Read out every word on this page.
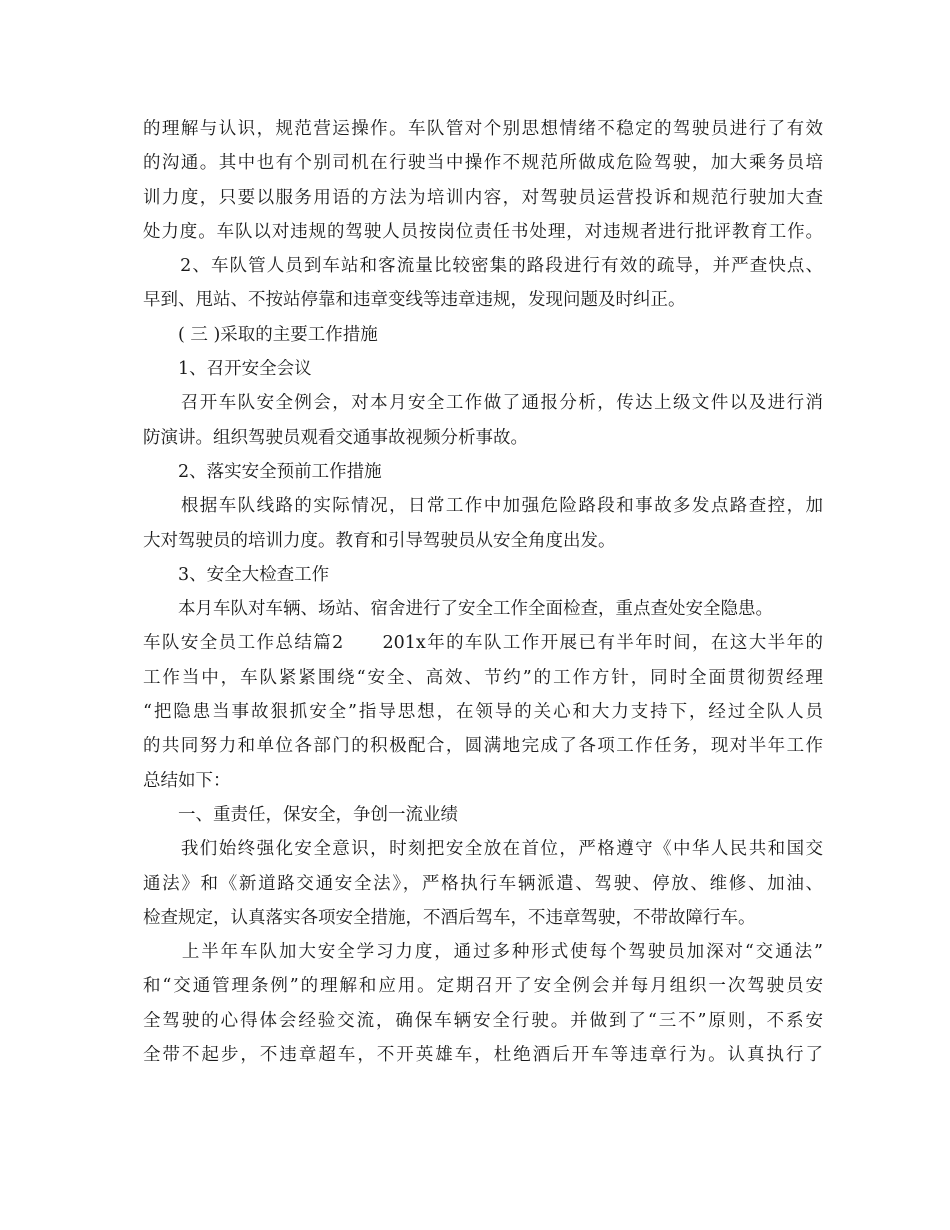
的理解与认识，规范营运操作。车队管对个别思想情绪不稳定的驾驶员进行了有效
的沟通。其中也有个别司机在行驶当中操作不规范所做成危险驾驶，加大乘务员培
训力度，只要以服务用语的方法为培训内容，对驾驶员运营投诉和规范行驶加大查
处力度。车队以对违规的驾驶人员按岗位责任书处理，对违规者进行批评教育工作。
　　2、车队管人员到车站和客流量比较密集的路段进行有效的疏导，并严查快点、
早到、甩站、不按站停靠和违章变线等违章违规，发现问题及时纠正。
　　( 三 )采取的主要工作措施
　　1、召开安全会议
　　召开车队安全例会，对本月安全工作做了通报分析，传达上级文件以及进行消
防演讲。组织驾驶员观看交通事故视频分析事故。
　　2、落实安全预前工作措施
　　根据车队线路的实际情况，日常工作中加强危险路段和事故多发点路查控，加
大对驾驶员的培训力度。教育和引导驾驶员从安全角度出发。
　　3、安全大检查工作
　　本月车队对车辆、场站、宿舍进行了安全工作全面检查，重点查处安全隐患。
车队安全员工作总结篇2　　201x年的车队工作开展已有半年时间，在这大半年的
工作当中，车队紧紧围绕“安全、高效、节约”的工作方针，同时全面贯彻贺经理
“把隐患当事故狠抓安全”指导思想，在领导的关心和大力支持下，经过全队人员
的共同努力和单位各部门的积极配合，圆满地完成了各项工作任务，现对半年工作
总结如下：
　　一、重责任，保安全，争创一流业绩
　　我们始终强化安全意识，时刻把安全放在首位，严格遵守《中华人民共和国交
通法》和《新道路交通安全法》，严格执行车辆派遣、驾驶、停放、维修、加油、
检查规定，认真落实各项安全措施，不酒后驾车，不违章驾驶，不带故障行车。
　　上半年车队加大安全学习力度，通过多种形式使每个驾驶员加深对“交通法”
和“交通管理条例”的理解和应用。定期召开了安全例会并每月组织一次驾驶员安
全驾驶的心得体会经验交流，确保车辆安全行驶。并做到了“三不”原则，不系安
全带不起步，不违章超车，不开英雄车，杜绝酒后开车等违章行为。认真执行了
